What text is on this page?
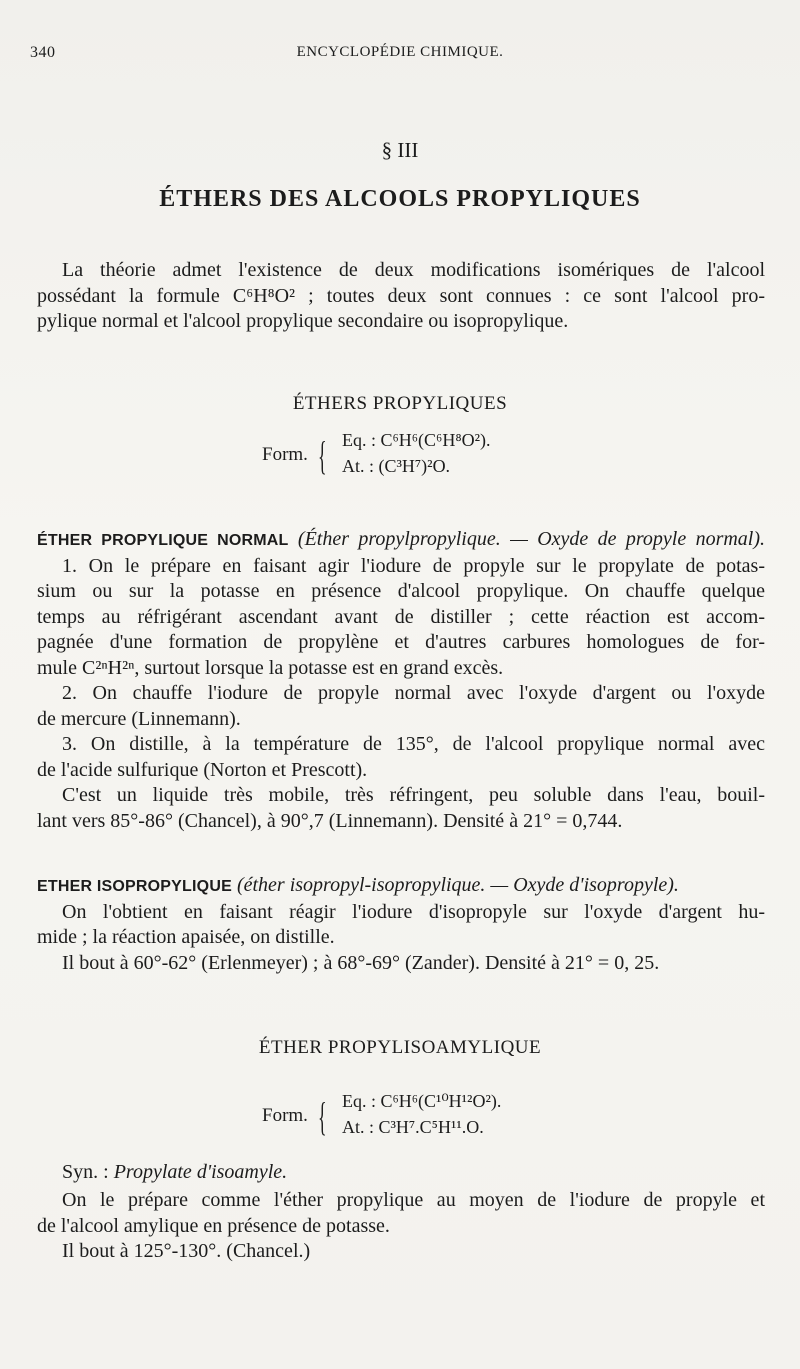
340	ENCYCLOPÉDIE CHIMIQUE.
§ III
ÉTHERS DES ALCOOLS PROPYLIQUES
La théorie admet l'existence de deux modifications isomériques de l'alcool
possédant la formule C⁶H⁸O² ; toutes deux sont connues : ce sont l'alcool pro-
pylique normal et l'alcool propylique secondaire ou isopropylique.
ÉTHERS PROPYLIQUES
Form. { Eq. : C⁶H⁶(C⁶H⁸O²).
At. : (C³H⁷)²O.
ÉTHER PROPYLIQUE NORMAL (Éther propylpropylique. — Oxyde de propyle normal).
1. On le prépare en faisant agir l'iodure de propyle sur le propylate de potas-
sium ou sur la potasse en présence d'alcool propylique. On chauffe quelque
temps au réfrigérant ascendant avant de distiller ; cette réaction est accom-
pagnée d'une formation de propylène et d'autres carbures homologues de for-
mule C²ⁿH²ⁿ, surtout lorsque la potasse est en grand excès.
2. On chauffe l'iodure de propyle normal avec l'oxyde d'argent ou l'oxyde
de mercure (Linnemann).
3. On distille, à la température de 135°, de l'alcool propylique normal avec
de l'acide sulfurique (Norton et Prescott).
C'est un liquide très mobile, très réfringent, peu soluble dans l'eau, bouil-
lant vers 85°-86° (Chancel), à 90°,7 (Linnemann). Densité à 21° = 0,744.
ETHER ISOPROPYLIQUE (éther isopropyl-isopropylique. — Oxyde d'isopropyle).
On l'obtient en faisant réagir l'iodure d'isopropyle sur l'oxyde d'argent hu-
mide ; la réaction apaisée, on distille.
Il bout à 60°-62° (Erlenmeyer) ; à 68°-69° (Zander). Densité à 21° = 0, 25.
ÉTHER PROPYLISOAMYLIQUE
Form. { Eq. : C⁶H⁶(C¹⁰H¹²O²).
At. : C³H⁷.C⁵H¹¹.O.
Syn. : Propylate d'isoamyle.
On le prépare comme l'éther propylique au moyen de l'iodure de propyle et
de l'alcool amylique en présence de potasse.
Il bout à 125°-130°. (Chancel.)
